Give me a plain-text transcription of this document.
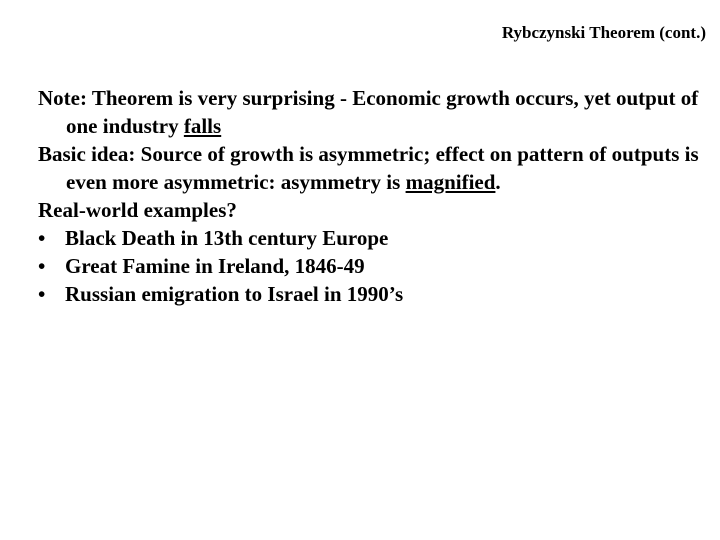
Rybczynski Theorem (cont.)
Note: Theorem is very surprising - Economic growth occurs, yet output of one industry falls
Basic idea: Source of growth is asymmetric; effect on pattern of outputs is even more asymmetric: asymmetry is magnified.
Real-world examples?
• Black Death in 13th century Europe
• Great Famine in Ireland, 1846-49
• Russian emigration to Israel in 1990’s
